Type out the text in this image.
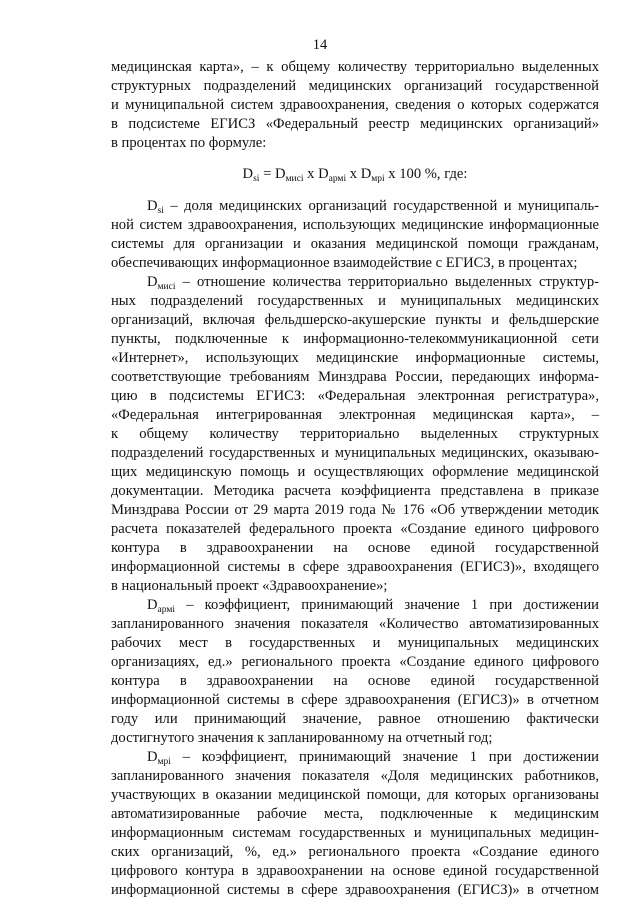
14
медицинская карта», – к общему количеству территориально выделенных
структурных подразделений медицинских организаций государственной
и муниципальной систем здравоохранения, сведения о которых содержатся
в подсистеме ЕГИСЗ «Федеральный реестр медицинских организаций»
в процентах по формуле:
$D_{si} = D_{мисi}$ х $D_{армi}$ х $D_{мрi}$ х 100 %, где:
$D_{si}$ – доля медицинских организаций государственной и муниципаль-
ной систем здравоохранения, использующих медицинские информационные
системы для организации и оказания медицинской помощи гражданам,
обеспечивающих информационное взаимодействие с ЕГИСЗ, в процентах;
$D_{мисi}$ – отношение количества территориально выделенных структур-
ных подразделений государственных и муниципальных медицинских
организаций, включая фельдшерско-акушерские пункты и фельдшерские
пункты, подключенные к информационно-телекоммуникационной сети
«Интернет», использующих медицинские информационные системы,
соответствующие требованиям Минздрава России, передающих информа-
цию в подсистемы ЕГИСЗ: «Федеральная электронная регистратура»,
«Федеральная интегрированная электронная медицинская карта», –
к общему количеству территориально выделенных структурных
подразделений государственных и муниципальных медицинских, оказываю-
щих медицинскую помощь и осуществляющих оформление медицинской
документации. Методика расчета коэффициента представлена в приказе
Минздрава России от 29 марта 2019 года № 176 «Об утверждении методик
расчета показателей федерального проекта «Создание единого цифрового
контура в здравоохранении на основе единой государственной
информационной системы в сфере здравоохранения (ЕГИСЗ)», входящего
в национальный проект «Здравоохранение»;
$D_{армi}$ – коэффициент, принимающий значение 1 при достижении
запланированного значения показателя «Количество автоматизированных
рабочих мест в государственных и муниципальных медицинских
организациях, ед.» регионального проекта «Создание единого цифрового
контура в здравоохранении на основе единой государственной
информационной системы в сфере здравоохранения (ЕГИСЗ)» в отчетном
году или принимающий значение, равное отношению фактически
достигнутого значения к запланированному на отчетный год;
$D_{мрi}$ – коэффициент, принимающий значение 1 при достижении
запланированного значения показателя «Доля медицинских работников,
участвующих в оказании медицинской помощи, для которых организованы
автоматизированные рабочие места, подключенные к медицинским
информационным системам государственных и муниципальных медицин-
ских организаций, %, ед.» регионального проекта «Создание единого
цифрового контура в здравоохранении на основе единой государственной
информационной системы в сфере здравоохранения (ЕГИСЗ)» в отчетном
